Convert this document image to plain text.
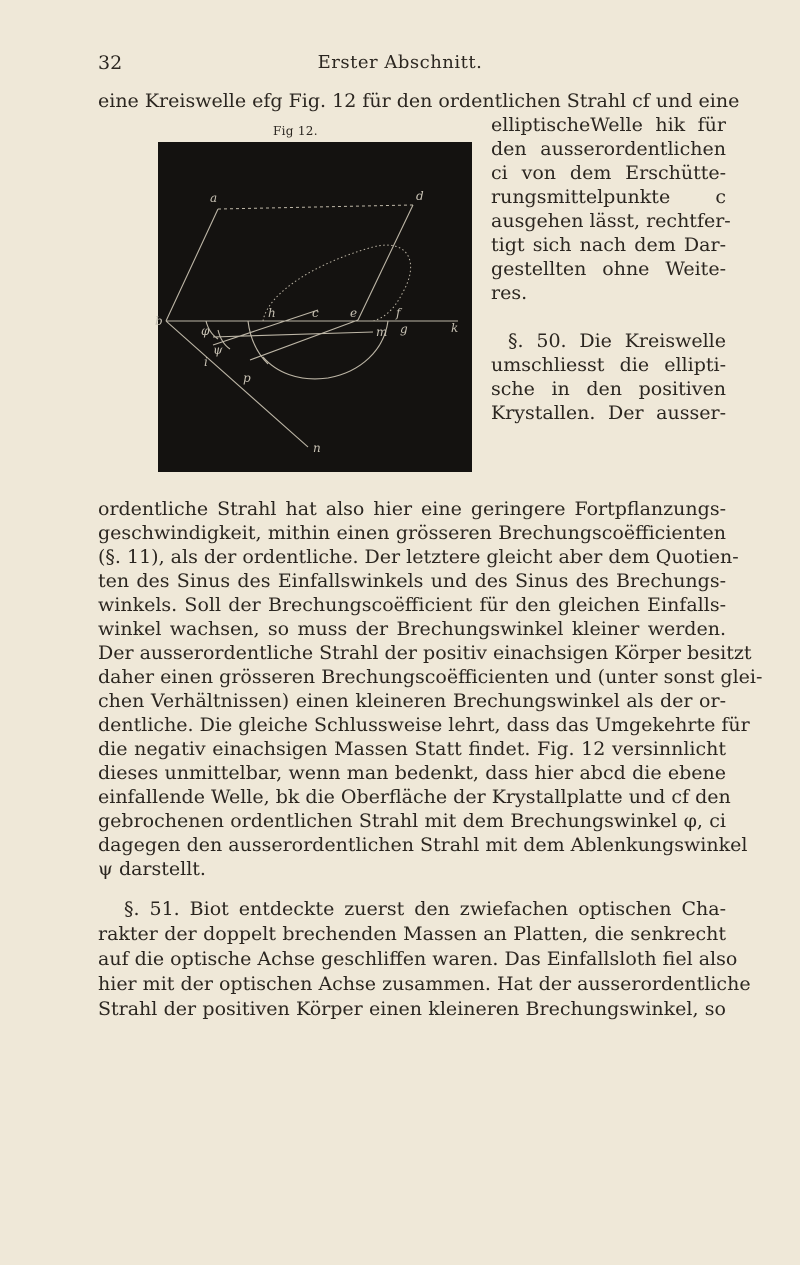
32	Erster Abschnitt.
eine Kreiswelle efg Fig. 12 für den ordentlichen Strahl cf und eine
Fig 12.
a	d
b	k
h	c	e	f
g
φ
ψ
i
p
m
n
elliptischeWelle hik für
den ausserordentlichen
ci von dem Erschütte-
rungsmittelpunkte c
ausgehen lässt, rechtfer-
tigt sich nach dem Dar-
gestellten ohne Weite-
res.
§. 50. Die Kreiswelle
umschliesst die ellipti-
sche in den positiven
Krystallen. Der ausser-
ordentliche Strahl hat also hier eine geringere Fortpflanzungs-
geschwindigkeit, mithin einen grösseren Brechungscoëfficienten
(§. 11), als der ordentliche. Der letztere gleicht aber dem Quotien-
ten des Sinus des Einfallswinkels und des Sinus des Brechungs-
winkels. Soll der Brechungscoëfficient für den gleichen Einfalls-
winkel wachsen, so muss der Brechungswinkel kleiner werden.
Der ausserordentliche Strahl der positiv einachsigen Körper besitzt
daher einen grösseren Brechungscoëfficienten und (unter sonst glei-
chen Verhältnissen) einen kleineren Brechungswinkel als der or-
dentliche. Die gleiche Schlussweise lehrt, dass das Umgekehrte für
die negativ einachsigen Massen Statt findet. Fig. 12 versinnlicht
dieses unmittelbar, wenn man bedenkt, dass hier abcd die ebene
einfallende Welle, bk die Oberfläche der Krystallplatte und cf den
gebrochenen ordentlichen Strahl mit dem Brechungswinkel φ, ci
dagegen den ausserordentlichen Strahl mit dem Ablenkungswinkel
ψ darstellt.
§. 51. Biot entdeckte zuerst den zwiefachen optischen Cha-
rakter der doppelt brechenden Massen an Platten, die senkrecht
auf die optische Achse geschliffen waren. Das Einfallsloth fiel also
hier mit der optischen Achse zusammen. Hat der ausserordentliche
Strahl der positiven Körper einen kleineren Brechungswinkel, so
